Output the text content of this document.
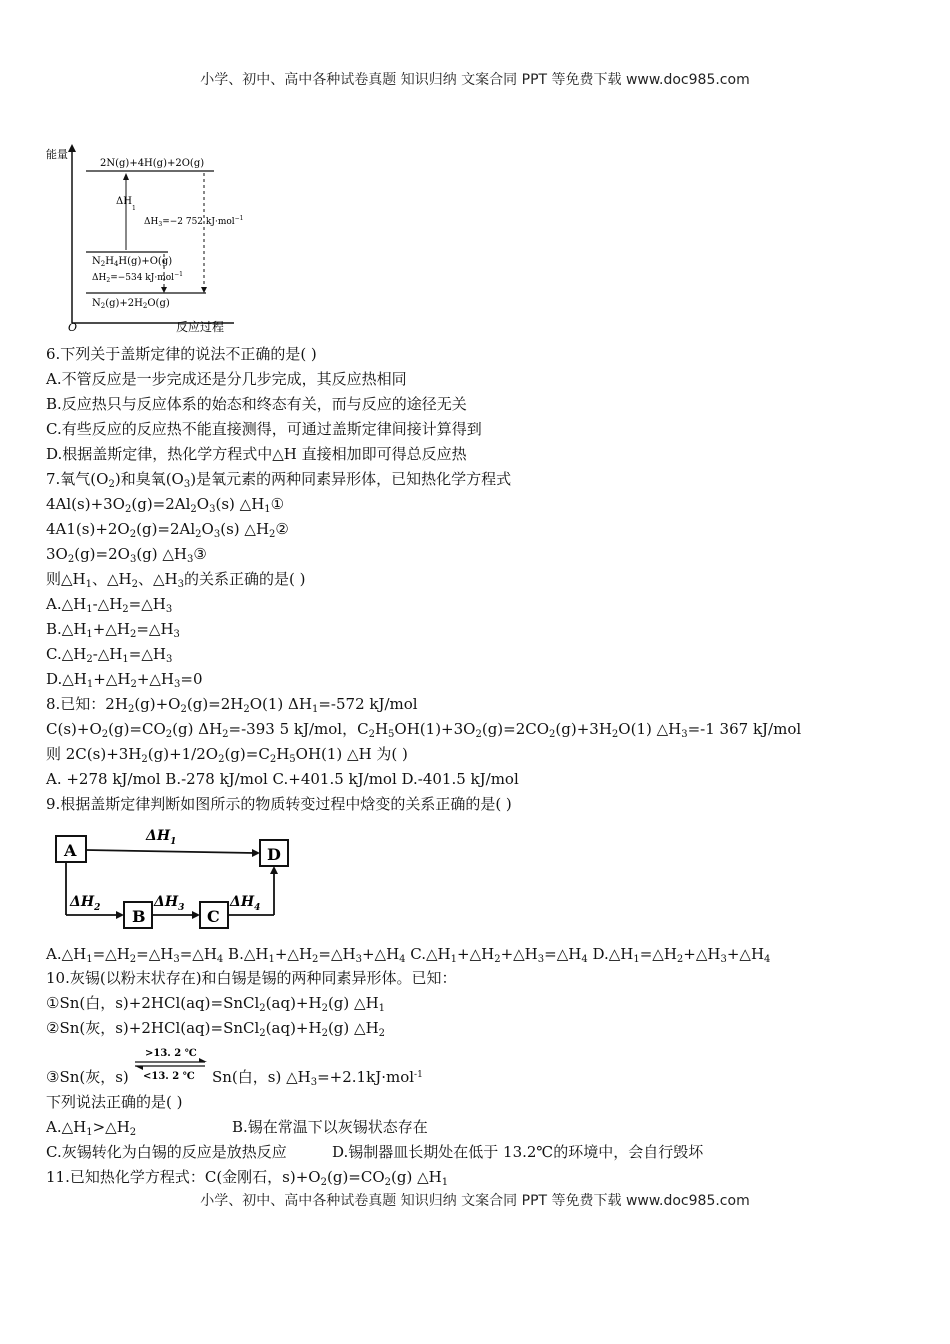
小学、初中、高中各种试卷真题 知识归纳 文案合同 PPT 等免费下载 www.doc985.com
能量
O	反应过程
2N(g)+4H(g)+2O(g)
$N_2H_4H(g)+O(g)$
$N_2(g)+2H_2O(g)$
$\Delta H_1$
$\Delta H_3=-2$ 752 kJ·mol$^{-1}$
$\Delta H_2=-534$ kJ·mol$^{-1}$
6.下列关于盖斯定律的说法不正确的是( )
A.不管反应是一步完成还是分几步完成，其反应热相同
B.反应热只与反应体系的始态和终态有关，而与反应的途径无关
C.有些反应的反应热不能直接测得，可通过盖斯定律间接计算得到
D.根据盖斯定律，热化学方程式中△H 直接相加即可得总反应热
7.氧气$(O_2)$和臭氧$(O_3)$是氧元素的两种同素异形体，已知热化学方程式
$4Al(s)+3O_2(g)=2Al_2O_3(s)$ $\triangle H_1①$
$4A1(s)+2O_2(g)=2Al_2O_3(s)$ $\triangle H_2②$
$3O_2(g)=2O_3(g)$ $\triangle H_3③$
则$\triangle H_1$、$\triangle H_2$、$\triangle H_3$的关系正确的是( )
$A.\triangle H_1-\triangle H_2=\triangle H_3$
$B.\triangle H_1+\triangle H_2=\triangle H_3$
$C.\triangle H_2-\triangle H_1=\triangle H_3$
$D.\triangle H_1+\triangle H_2+\triangle H_3=0$
8.已知：$2H_2(g)+O_2(g)=2H_2O(1)$ $\Delta H_1=-572$ kJ/mol
$C(s)+O_2(g)=CO_2(g)$ $\Delta H_2=-393$ 5 kJ/mol，$C_2H_5OH(1)+3O_2(g)=2CO_2(g)+3H_2O(1)$ $\triangle H_3=-1$ 367 kJ/mol
则 $2C(s)+3H_2(g)+1/2O_2(g)=C_2H_5OH(1)$ △H 为( )
A. +278 kJ/mol B.-278 kJ/mol C.+401.5 kJ/mol D.-401.5 kJ/mol
9.根据盖斯定律判断如图所示的物质转变过程中焓变的关系正确的是( )
A	D
B	C
$\Delta H_1$
$\Delta H_2$	$\Delta H_3$	$\Delta H_4$
$A.\triangle H_1=\triangle H_2=\triangle H_3=\triangle H_4$ $B.\triangle H_1+\triangle H_2=\triangle H_3+\triangle H_4$ $C.\triangle H_1+\triangle H_2+\triangle H_3=\triangle H_4$ $D.\triangle H_1=\triangle H_2+\triangle H_3+\triangle H_4$
10.灰锡(以粉末状存在)和白锡是锡的两种同素异形体。已知：
①Sn(白，$s)+2HCl(aq)=SnCl_2(aq)+H_2(g)$ $\triangle H_1$
②Sn(灰，$s)+2HCl(aq)=SnCl_2(aq)+H_2(g)$ $\triangle H_2$
③Sn(灰，s)
>13. 2 ℃
<13. 2 ℃ Sn(白，s) $\triangle H_3=+2.1kJ\cdot mol^{-1}$
下列说法正确的是( )
$A.\triangle H_1>\triangle H_2$	B.锡在常温下以灰锡状态存在
C.灰锡转化为白锡的反应是放热反应	D.锡制器皿长期处在低于 13.2℃的环境中，会自行毁坏
11.已知热化学方程式：C(金刚石，$s)+O_2(g)=CO_2(g)$ $\triangle H_1$
小学、初中、高中各种试卷真题 知识归纳 文案合同 PPT 等免费下载 www.doc985.com
